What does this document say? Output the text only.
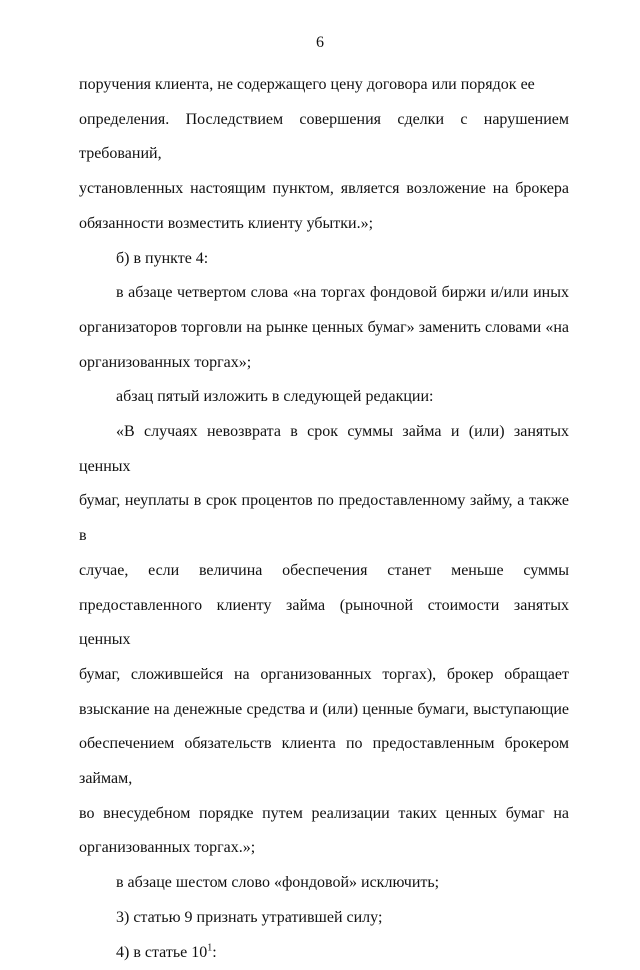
6

поручения клиента, не содержащего цену договора или порядок ее

определения. Последствием совершения сделки с нарушением требований,

установленных настоящим пунктом, является возложение на брокера

обязанности возместить клиенту убытки.»;

б) в пункте 4:

в абзаце четвертом слова «на торгах фондовой биржи и/или иных

организаторов торговли на рынке ценных бумаг» заменить словами «на

организованных торгах»;

абзац пятый изложить в следующей редакции:

«В случаях невозврата в срок суммы займа и (или) занятых ценных

бумаг, неуплаты в срок процентов по предоставленному займу, а также в

случае, если величина обеспечения станет меньше суммы

предоставленного клиенту займа (рыночной стоимости занятых ценных

бумаг, сложившейся на организованных торгах), брокер обращает

взыскание на денежные средства и (или) ценные бумаги, выступающие

обеспечением обязательств клиента по предоставленным брокером займам,

во внесудебном порядке путем реализации таких ценных бумаг на

организованных торгах.»;

в абзаце шестом слово «фондовой» исключить;

3) статью 9 признать утратившей силу;

4) в статье $10^1$:
